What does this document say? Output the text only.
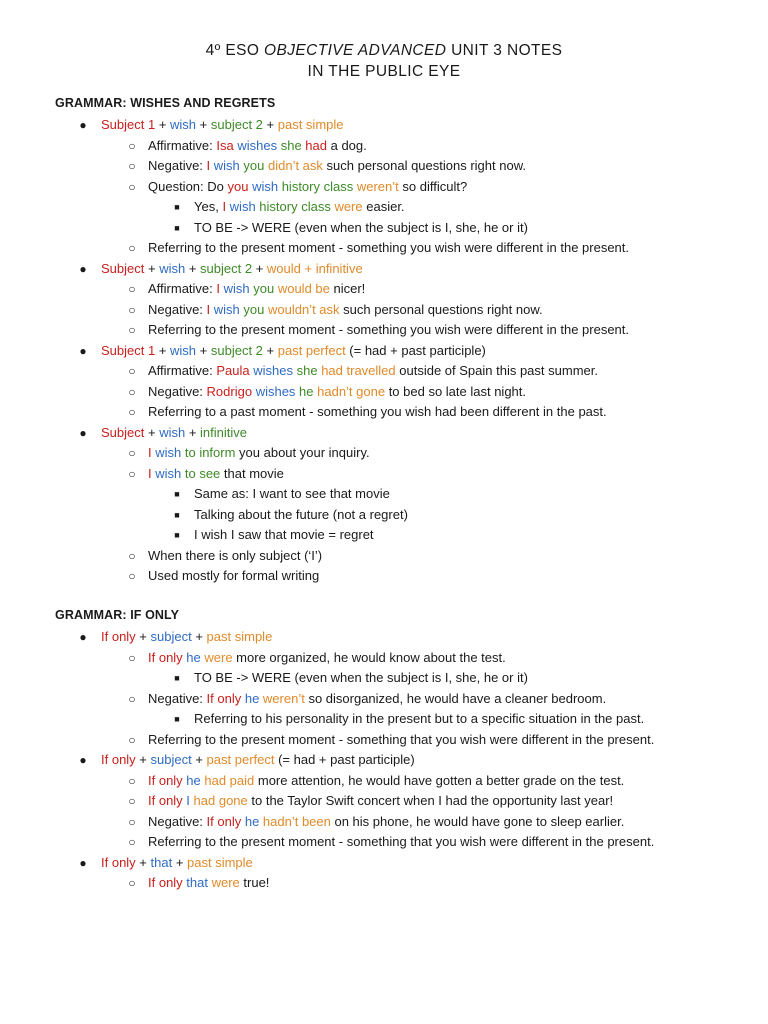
4º ESO OBJECTIVE ADVANCED UNIT 3 NOTES
IN THE PUBLIC EYE
GRAMMAR: WISHES AND REGRETS
●	Subject 1 + wish + subject 2 + past simple
○ Affirmative: Isa wishes she had a dog.
○ Negative: I wish you didn’t ask such personal questions right now.
○ Question: Do you wish history class weren’t so difficult?
■	Yes, I wish history class were easier.
■	TO BE -> WERE (even when the subject is I, she, he or it)
○ Referring to the present moment - something you wish were different in the present.
●	Subject + wish + subject 2 + would + infinitive
○ Affirmative: I wish you would be nicer!
○ Negative: I wish you wouldn’t ask such personal questions right now.
○ Referring to the present moment - something you wish were different in the present.
●	Subject 1 + wish + subject 2 + past perfect (= had + past participle)
○ Affirmative: Paula wishes she had travelled outside of Spain this past summer.
○ Negative: Rodrigo wishes he hadn’t gone to bed so late last night.
○ Referring to a past moment - something you wish had been different in the past.
●	Subject + wish + infinitive
○ I wish to inform you about your inquiry.
○ I wish to see that movie
■	Same as: I want to see that movie
■	Talking about the future (not a regret)
■	I wish I saw that movie = regret
○ When there is only subject (‘I’)
○ Used mostly for formal writing
GRAMMAR: IF ONLY
●	If only + subject + past simple
○ If only he were more organized, he would know about the test.
■	TO BE -> WERE (even when the subject is I, she, he or it)
○ Negative: If only he weren’t so disorganized, he would have a cleaner bedroom.
■	Referring to his personality in the present but to a specific situation in the past.
○ Referring to the present moment - something that you wish were different in the present.
●	If only + subject + past perfect (= had + past participle)
○ If only he had paid more attention, he would have gotten a better grade on the test.
○ If only I had gone to the Taylor Swift concert when I had the opportunity last year!
○ Negative: If only he hadn’t been on his phone, he would have gone to sleep earlier.
○ Referring to the present moment - something that you wish were different in the present.
●	If only + that + past simple
○ If only that were true!
